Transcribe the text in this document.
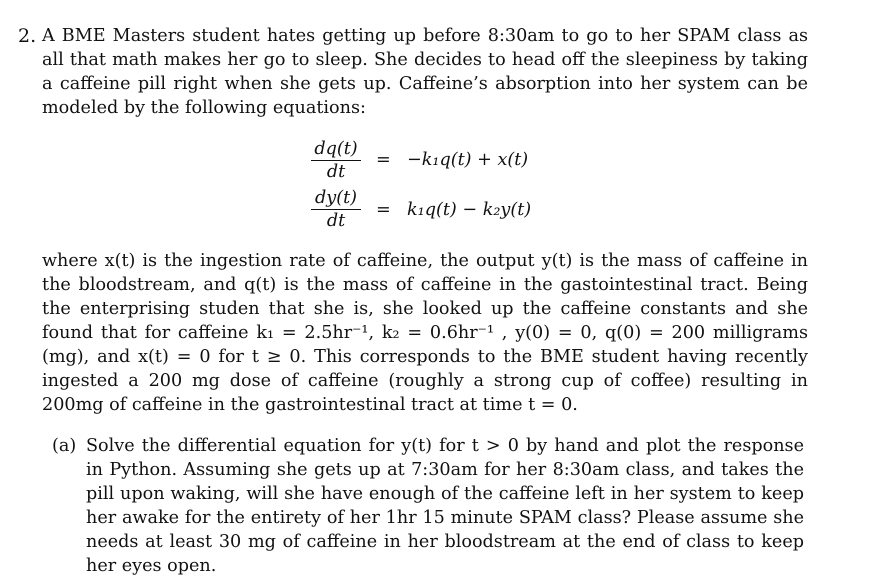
2. A BME Masters student hates getting up before 8:30am to go to her SPAM class as all that math makes her go to sleep. She decides to head off the sleepiness by taking a caffeine pill right when she gets up. Caffeine’s absorption into her system can be modeled by the following equations:
$\frac{dq(t)}{dt} = -k_1q(t) + x(t)$
$\frac{dy(t)}{dt} = k_1q(t) - k_2y(t)$
where x(t) is the ingestion rate of caffeine, the output y(t) is the mass of caffeine in the bloodstream, and q(t) is the mass of caffeine in the gastointestinal tract. Being the enterprising studen that she is, she looked up the caffeine constants and she found that for caffeine k₁ = 2.5hr⁻¹, k₂ = 0.6hr⁻¹ , y(0) = 0, q(0) = 200 milligrams (mg), and x(t) = 0 for t ≥ 0. This corresponds to the BME student having recently ingested a 200 mg dose of caffeine (roughly a strong cup of coffee) resulting in 200mg of caffeine in the gastrointestinal tract at time t = 0.
(a) Solve the differential equation for y(t) for t > 0 by hand and plot the response in Python. Assuming she gets up at 7:30am for her 8:30am class, and takes the pill upon waking, will she have enough of the caffeine left in her system to keep her awake for the entirety of her 1hr 15 minute SPAM class? Please assume she needs at least 30 mg of caffeine in her bloodstream at the end of class to keep her eyes open.
